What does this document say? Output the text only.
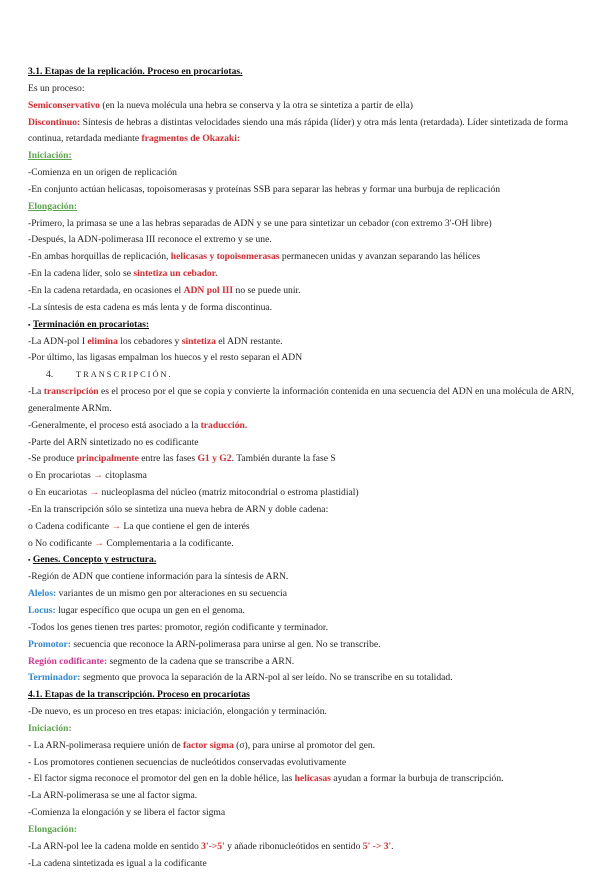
3.1. Etapas de la replicación. Proceso en procariotas.
Es un proceso:
Semiconservativo (en la nueva molécula una hebra se conserva y la otra se sintetiza a partir de ella)
Discontinuo: Síntesis de hebras a distintas velocidades siendo una más rápida (líder) y otra más lenta (retardada). Líder sintetizada de forma continua, retardada mediante fragmentos de Okazaki:
Iniciación:
-Comienza en un origen de replicación
-En conjunto actúan helicasas, topoisomerasas y proteínas SSB para separar las hebras y formar una burbuja de replicación
Elongación:
-Primero, la primasa se une a las hebras separadas de ADN y se une para sintetizar un cebador (con extremo 3'-OH libre)
-Después, la ADN-polimerasa III reconoce el extremo y se une.
-En ambas horquillas de replicación, helicasas y topoisomerasas permanecen unidas y avanzan separando las hélices
-En la cadena líder, solo se sintetiza un cebador.
-En la cadena retardada, en ocasiones el ADN pol III no se puede unir.
-La síntesis de esta cadena es más lenta y de forma discontinua.
▪ Terminación en procariotas:
-La ADN-pol I elimina los cebadores y sintetiza el ADN restante.
-Por último, las ligasas empalman los huecos y el resto separan el ADN
4.	TRANSCRIPCIÓN.
-La transcripción es el proceso por el que se copia y convierte la información contenida en una secuencia del ADN en una molécula de ARN, generalmente ARNm.
-Generalmente, el proceso está asociado a la traducción.
-Parte del ARN sintetizado no es codificante
-Se produce principalmente entre las fases G1 y G2. También durante la fase S
o En procariotas → citoplasma
o En eucariotas → nucleoplasma del núcleo (matriz mitocondrial o estroma plastidial)
-En la transcripción sólo se sintetiza una nueva hebra de ARN y doble cadena:
o Cadena codificante → La que contiene el gen de interés
o No codificante → Complementaria a la codificante.
▪ Genes. Concepto y estructura.
-Región de ADN que contiene información para la síntesis de ARN.
Alelos: variantes de un mismo gen por alteraciones en su secuencia
Locus: lugar específico que ocupa un gen en el genoma.
-Todos los genes tienen tres partes: promotor, región codificante y terminador.
Promotor: secuencia que reconoce la ARN-polimerasa para unirse al gen. No se transcribe.
Región codificante: segmento de la cadena que se transcribe a ARN.
Terminador: segmento que provoca la separación de la ARN-pol al ser leído. No se transcribe en su totalidad.
4.1. Etapas de la transcripción. Proceso en procariotas
-De nuevo, es un proceso en tres etapas: iniciación, elongación y terminación.
Iniciación:
- La ARN-polimerasa requiere unión de factor sigma (σ), para unirse al promotor del gen.
- Los promotores contienen secuencias de nucleótidos conservadas evolutivamente
- El factor sigma reconoce el promotor del gen en la doble hélice, las helicasas ayudan a formar la burbuja de transcripción.
-La ARN-polimerasa se une al factor sigma.
-Comienza la elongación y se libera el factor sigma
Elongación:
-La ARN-pol lee la cadena molde en sentido 3'->5' y añade ribonucleótidos en sentido 5' -> 3'.
-La cadena sintetizada es igual a la codificante
